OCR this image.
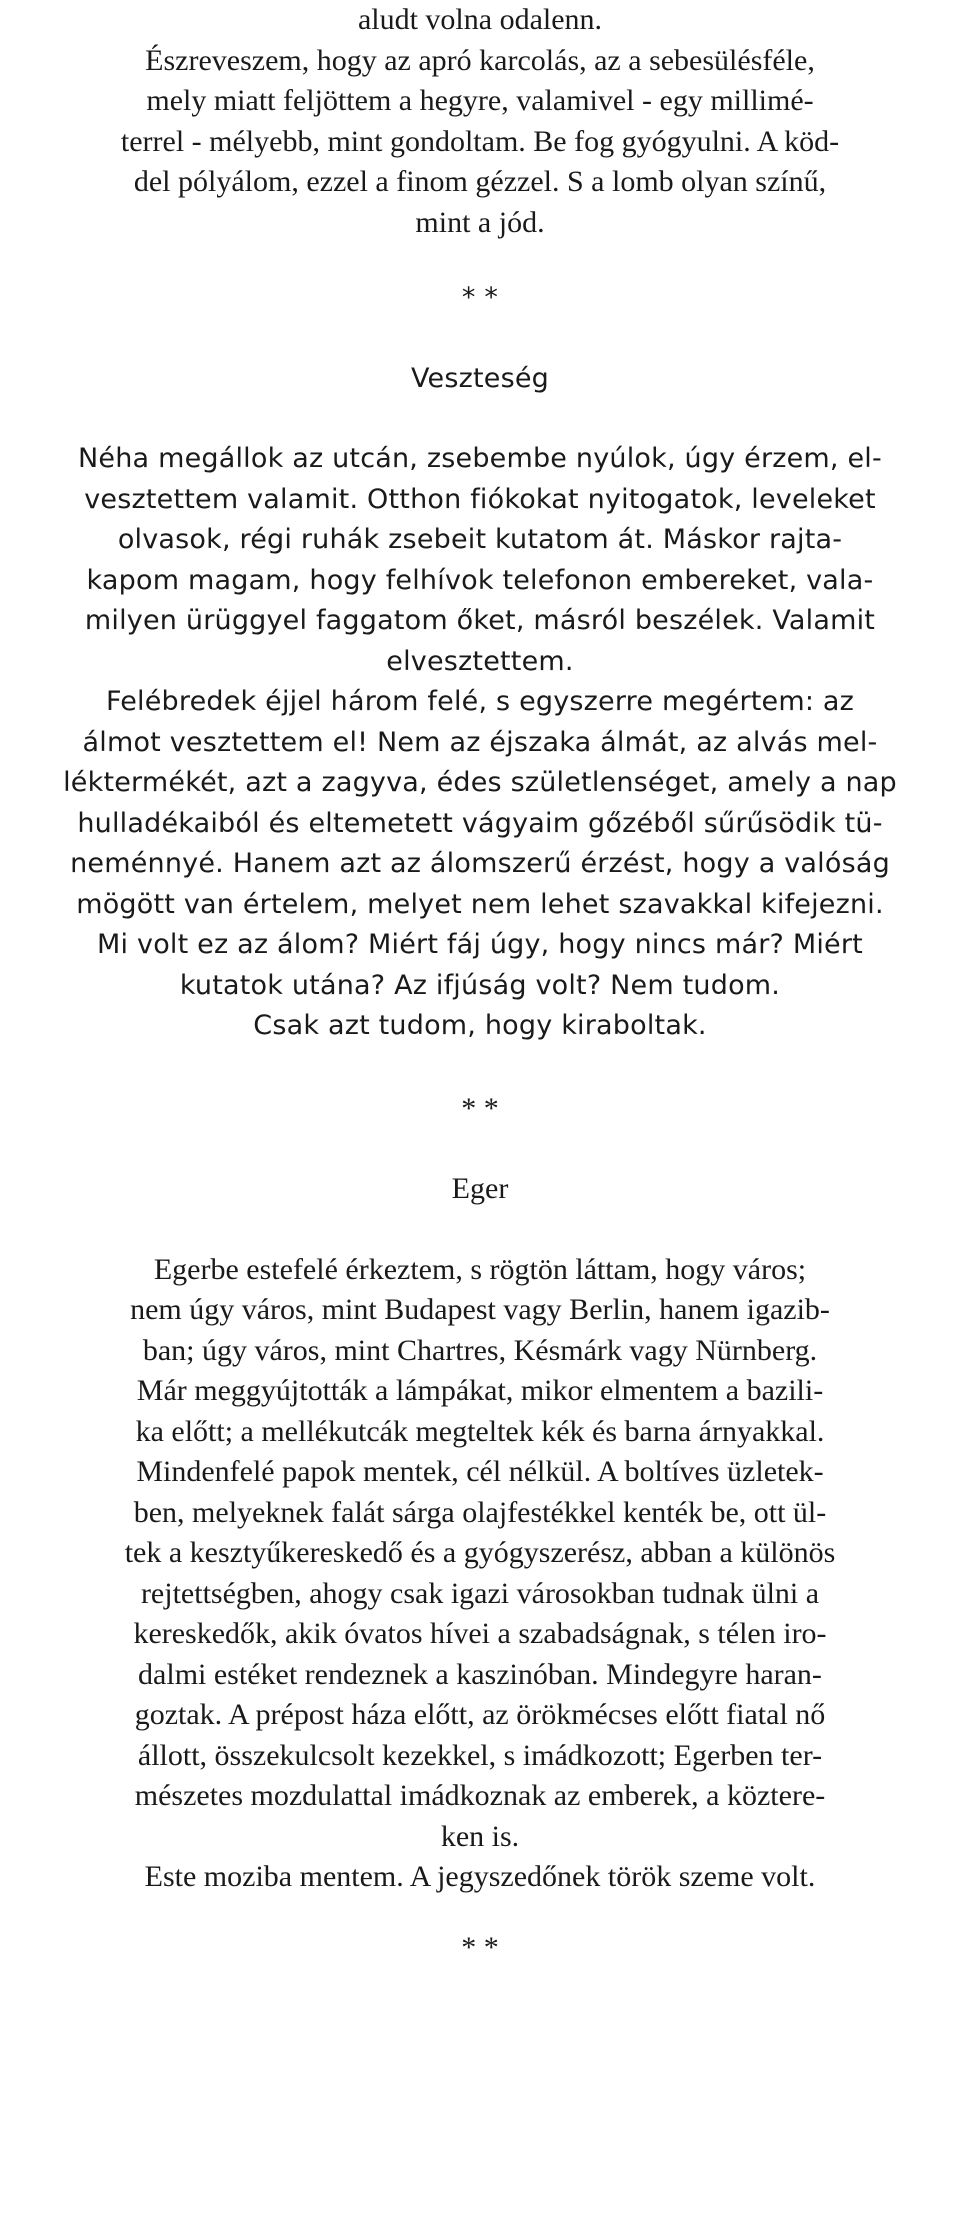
aludt volna odalenn.
Észreveszem, hogy az apró karcolás, az a sebesülésféle,
mely miatt feljöttem a hegyre, valamivel - egy millimé-
terrel - mélyebb, mint gondoltam. Be fog gyógyulni. A köd-
del pólyálom, ezzel a finom gézzel. S a lomb olyan színű,
mint a jód.
* *
Veszteség
Néha megállok az utcán, zsebembe nyúlok, úgy érzem, el-
vesztettem valamit. Otthon fiókokat nyitogatok, leveleket
olvasok, régi ruhák zsebeit kutatom át. Máskor rajta-
kapom magam, hogy felhívok telefonon embereket, vala-
milyen ürüggyel faggatom őket, másról beszélek. Valamit
elvesztettem.
Felébredek éjjel három felé, s egyszerre megértem: az
álmot vesztettem el! Nem az éjszaka álmát, az alvás mel-
léktermékét, azt a zagyva, édes születlenséget, amely a nap
hulladékaiból és eltemetett vágyaim gőzéből sűrűsödik tü-
neménnyé. Hanem azt az álomszerű érzést, hogy a valóság
mögött van értelem, melyet nem lehet szavakkal kifejezni.
Mi volt ez az álom? Miért fáj úgy, hogy nincs már? Miért
kutatok utána? Az ifjúság volt? Nem tudom.
Csak azt tudom, hogy kiraboltak.
* *
Eger
Egerbe estefelé érkeztem, s rögtön láttam, hogy város;
nem úgy város, mint Budapest vagy Berlin, hanem igazib-
ban; úgy város, mint Chartres, Késmárk vagy Nürnberg.
Már meggyújtották a lámpákat, mikor elmentem a bazili-
ka előtt; a mellékutcák megteltek kék és barna árnyakkal.
Mindenfelé papok mentek, cél nélkül. A boltíves üzletek-
ben, melyeknek falát sárga olajfestékkel kenték be, ott ül-
tek a kesztyűkereskedő és a gyógyszerész, abban a különös
rejtettségben, ahogy csak igazi városokban tudnak ülni a
kereskedők, akik óvatos hívei a szabadságnak, s télen iro-
dalmi estéket rendeznek a kaszinóban. Mindegyre haran-
goztak. A prépost háza előtt, az örökmécses előtt fiatal nő
állott, összekulcsolt kezekkel, s imádkozott; Egerben ter-
mészetes mozdulattal imádkoznak az emberek, a köztere-
ken is.
Este moziba mentem. A jegyszedőnek török szeme volt.
* *
